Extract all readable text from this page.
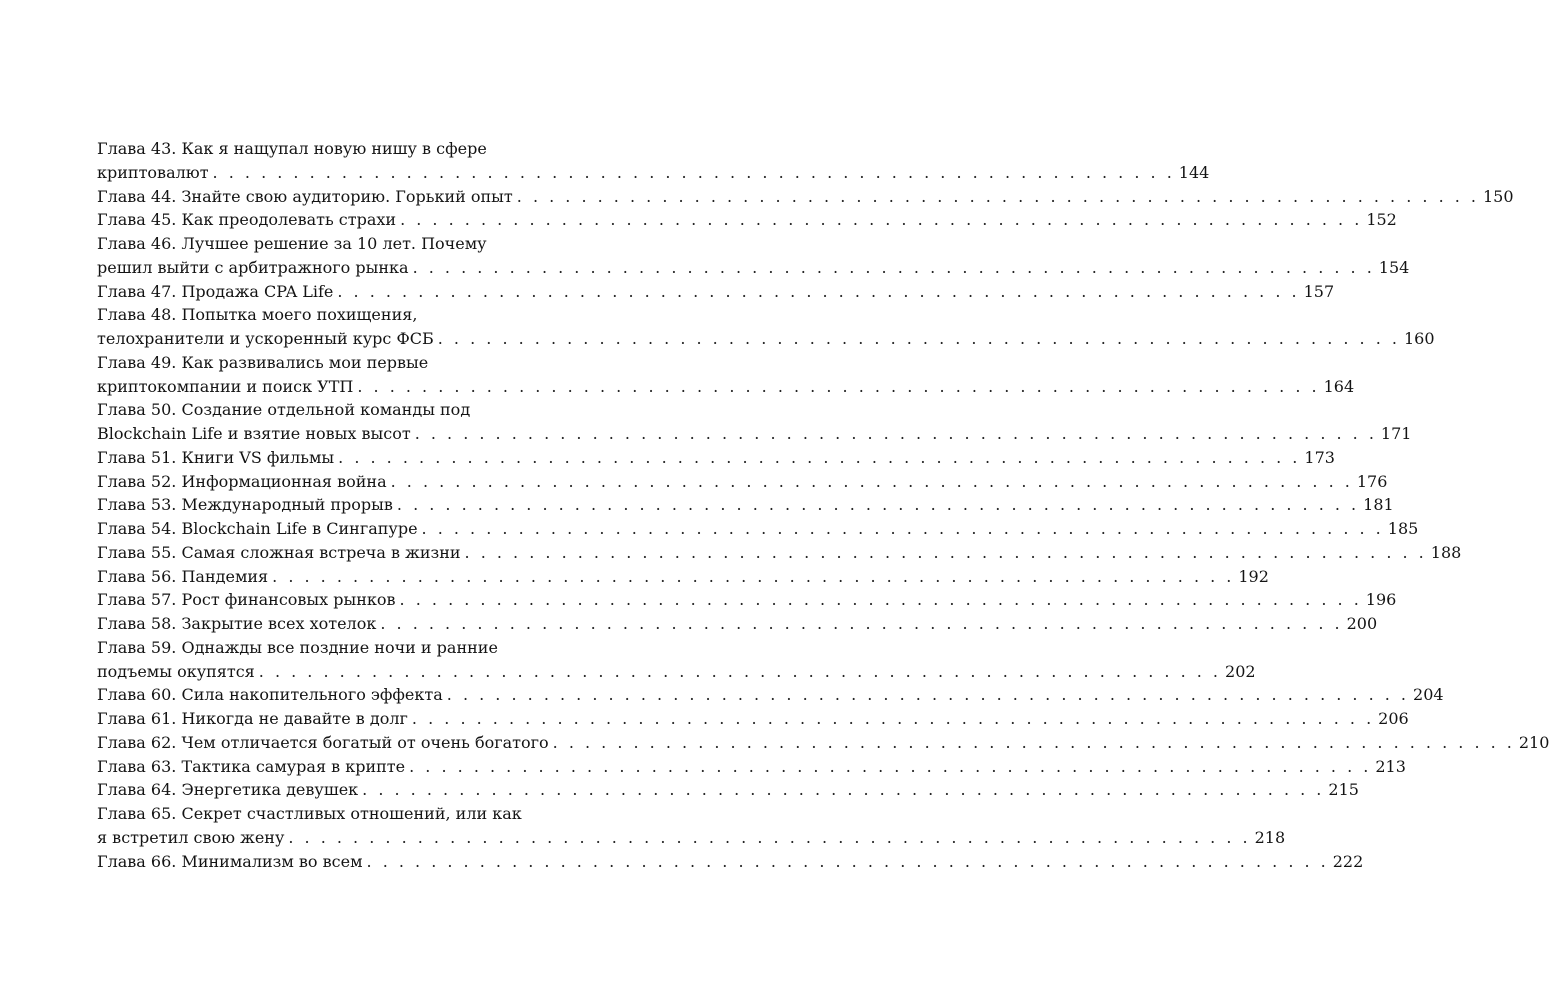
Глава 43. Как я нащупал новую нишу в сфере
криптовалют . . . . . . . . . . . . . . . . . . . . . . . . . . . . . . . . . . . . . . . . . . . . . . . . . . . . . . . . . . . . 144
Глава 44. Знайте свою аудиторию. Горький опыт . . . . . . . . . . . . . . . . . . . . . . . . . . . . . . . . . . . . . . . . . . . . . . . . . . . . . . . . . . . . 150
Глава 45. Как преодолевать страхи . . . . . . . . . . . . . . . . . . . . . . . . . . . . . . . . . . . . . . . . . . . . . . . . . . . . . . . . . . . . 152
Глава 46. Лучшее решение за 10 лет. Почему
решил выйти с арбитражного рынка . . . . . . . . . . . . . . . . . . . . . . . . . . . . . . . . . . . . . . . . . . . . . . . . . . . . . . . . . . . . 154
Глава 47. Продажа CPA Life . . . . . . . . . . . . . . . . . . . . . . . . . . . . . . . . . . . . . . . . . . . . . . . . . . . . . . . . . . . . 157
Глава 48. Попытка моего похищения,
телохранители и ускоренный курс ФСБ . . . . . . . . . . . . . . . . . . . . . . . . . . . . . . . . . . . . . . . . . . . . . . . . . . . . . . . . . . . . 160
Глава 49. Как развивались мои первые
криптокомпании и поиск УТП . . . . . . . . . . . . . . . . . . . . . . . . . . . . . . . . . . . . . . . . . . . . . . . . . . . . . . . . . . . . 164
Глава 50. Создание отдельной команды под
Blockchain Life и взятие новых высот . . . . . . . . . . . . . . . . . . . . . . . . . . . . . . . . . . . . . . . . . . . . . . . . . . . . . . . . . . . . 171
Глава 51. Книги VS фильмы . . . . . . . . . . . . . . . . . . . . . . . . . . . . . . . . . . . . . . . . . . . . . . . . . . . . . . . . . . . . 173
Глава 52. Информационная война . . . . . . . . . . . . . . . . . . . . . . . . . . . . . . . . . . . . . . . . . . . . . . . . . . . . . . . . . . . . 176
Глава 53. Международный прорыв . . . . . . . . . . . . . . . . . . . . . . . . . . . . . . . . . . . . . . . . . . . . . . . . . . . . . . . . . . . . 181
Глава 54. Blockchain Life в Сингапуре . . . . . . . . . . . . . . . . . . . . . . . . . . . . . . . . . . . . . . . . . . . . . . . . . . . . . . . . . . . . 185
Глава 55. Самая сложная встреча в жизни . . . . . . . . . . . . . . . . . . . . . . . . . . . . . . . . . . . . . . . . . . . . . . . . . . . . . . . . . . . . 188
Глава 56. Пандемия . . . . . . . . . . . . . . . . . . . . . . . . . . . . . . . . . . . . . . . . . . . . . . . . . . . . . . . . . . . . 192
Глава 57. Рост финансовых рынков . . . . . . . . . . . . . . . . . . . . . . . . . . . . . . . . . . . . . . . . . . . . . . . . . . . . . . . . . . . . 196
Глава 58. Закрытие всех хотелок . . . . . . . . . . . . . . . . . . . . . . . . . . . . . . . . . . . . . . . . . . . . . . . . . . . . . . . . . . . . 200
Глава 59. Однажды все поздние ночи и ранние
подъемы окупятся . . . . . . . . . . . . . . . . . . . . . . . . . . . . . . . . . . . . . . . . . . . . . . . . . . . . . . . . . . . . 202
Глава 60. Сила накопительного эффекта . . . . . . . . . . . . . . . . . . . . . . . . . . . . . . . . . . . . . . . . . . . . . . . . . . . . . . . . . . . . 204
Глава 61. Никогда не давайте в долг . . . . . . . . . . . . . . . . . . . . . . . . . . . . . . . . . . . . . . . . . . . . . . . . . . . . . . . . . . . . 206
Глава 62. Чем отличается богатый от очень богатого . . . . . . . . . . . . . . . . . . . . . . . . . . . . . . . . . . . . . . . . . . . . . . . . . . . . . . . . . . . . 210
Глава 63. Тактика самурая в крипте . . . . . . . . . . . . . . . . . . . . . . . . . . . . . . . . . . . . . . . . . . . . . . . . . . . . . . . . . . . . 213
Глава 64. Энергетика девушек . . . . . . . . . . . . . . . . . . . . . . . . . . . . . . . . . . . . . . . . . . . . . . . . . . . . . . . . . . . . 215
Глава 65. Секрет счастливых отношений, или как
я встретил свою жену . . . . . . . . . . . . . . . . . . . . . . . . . . . . . . . . . . . . . . . . . . . . . . . . . . . . . . . . . . . . 218
Глава 66. Минимализм во всем . . . . . . . . . . . . . . . . . . . . . . . . . . . . . . . . . . . . . . . . . . . . . . . . . . . . . . . . . . . . 222
